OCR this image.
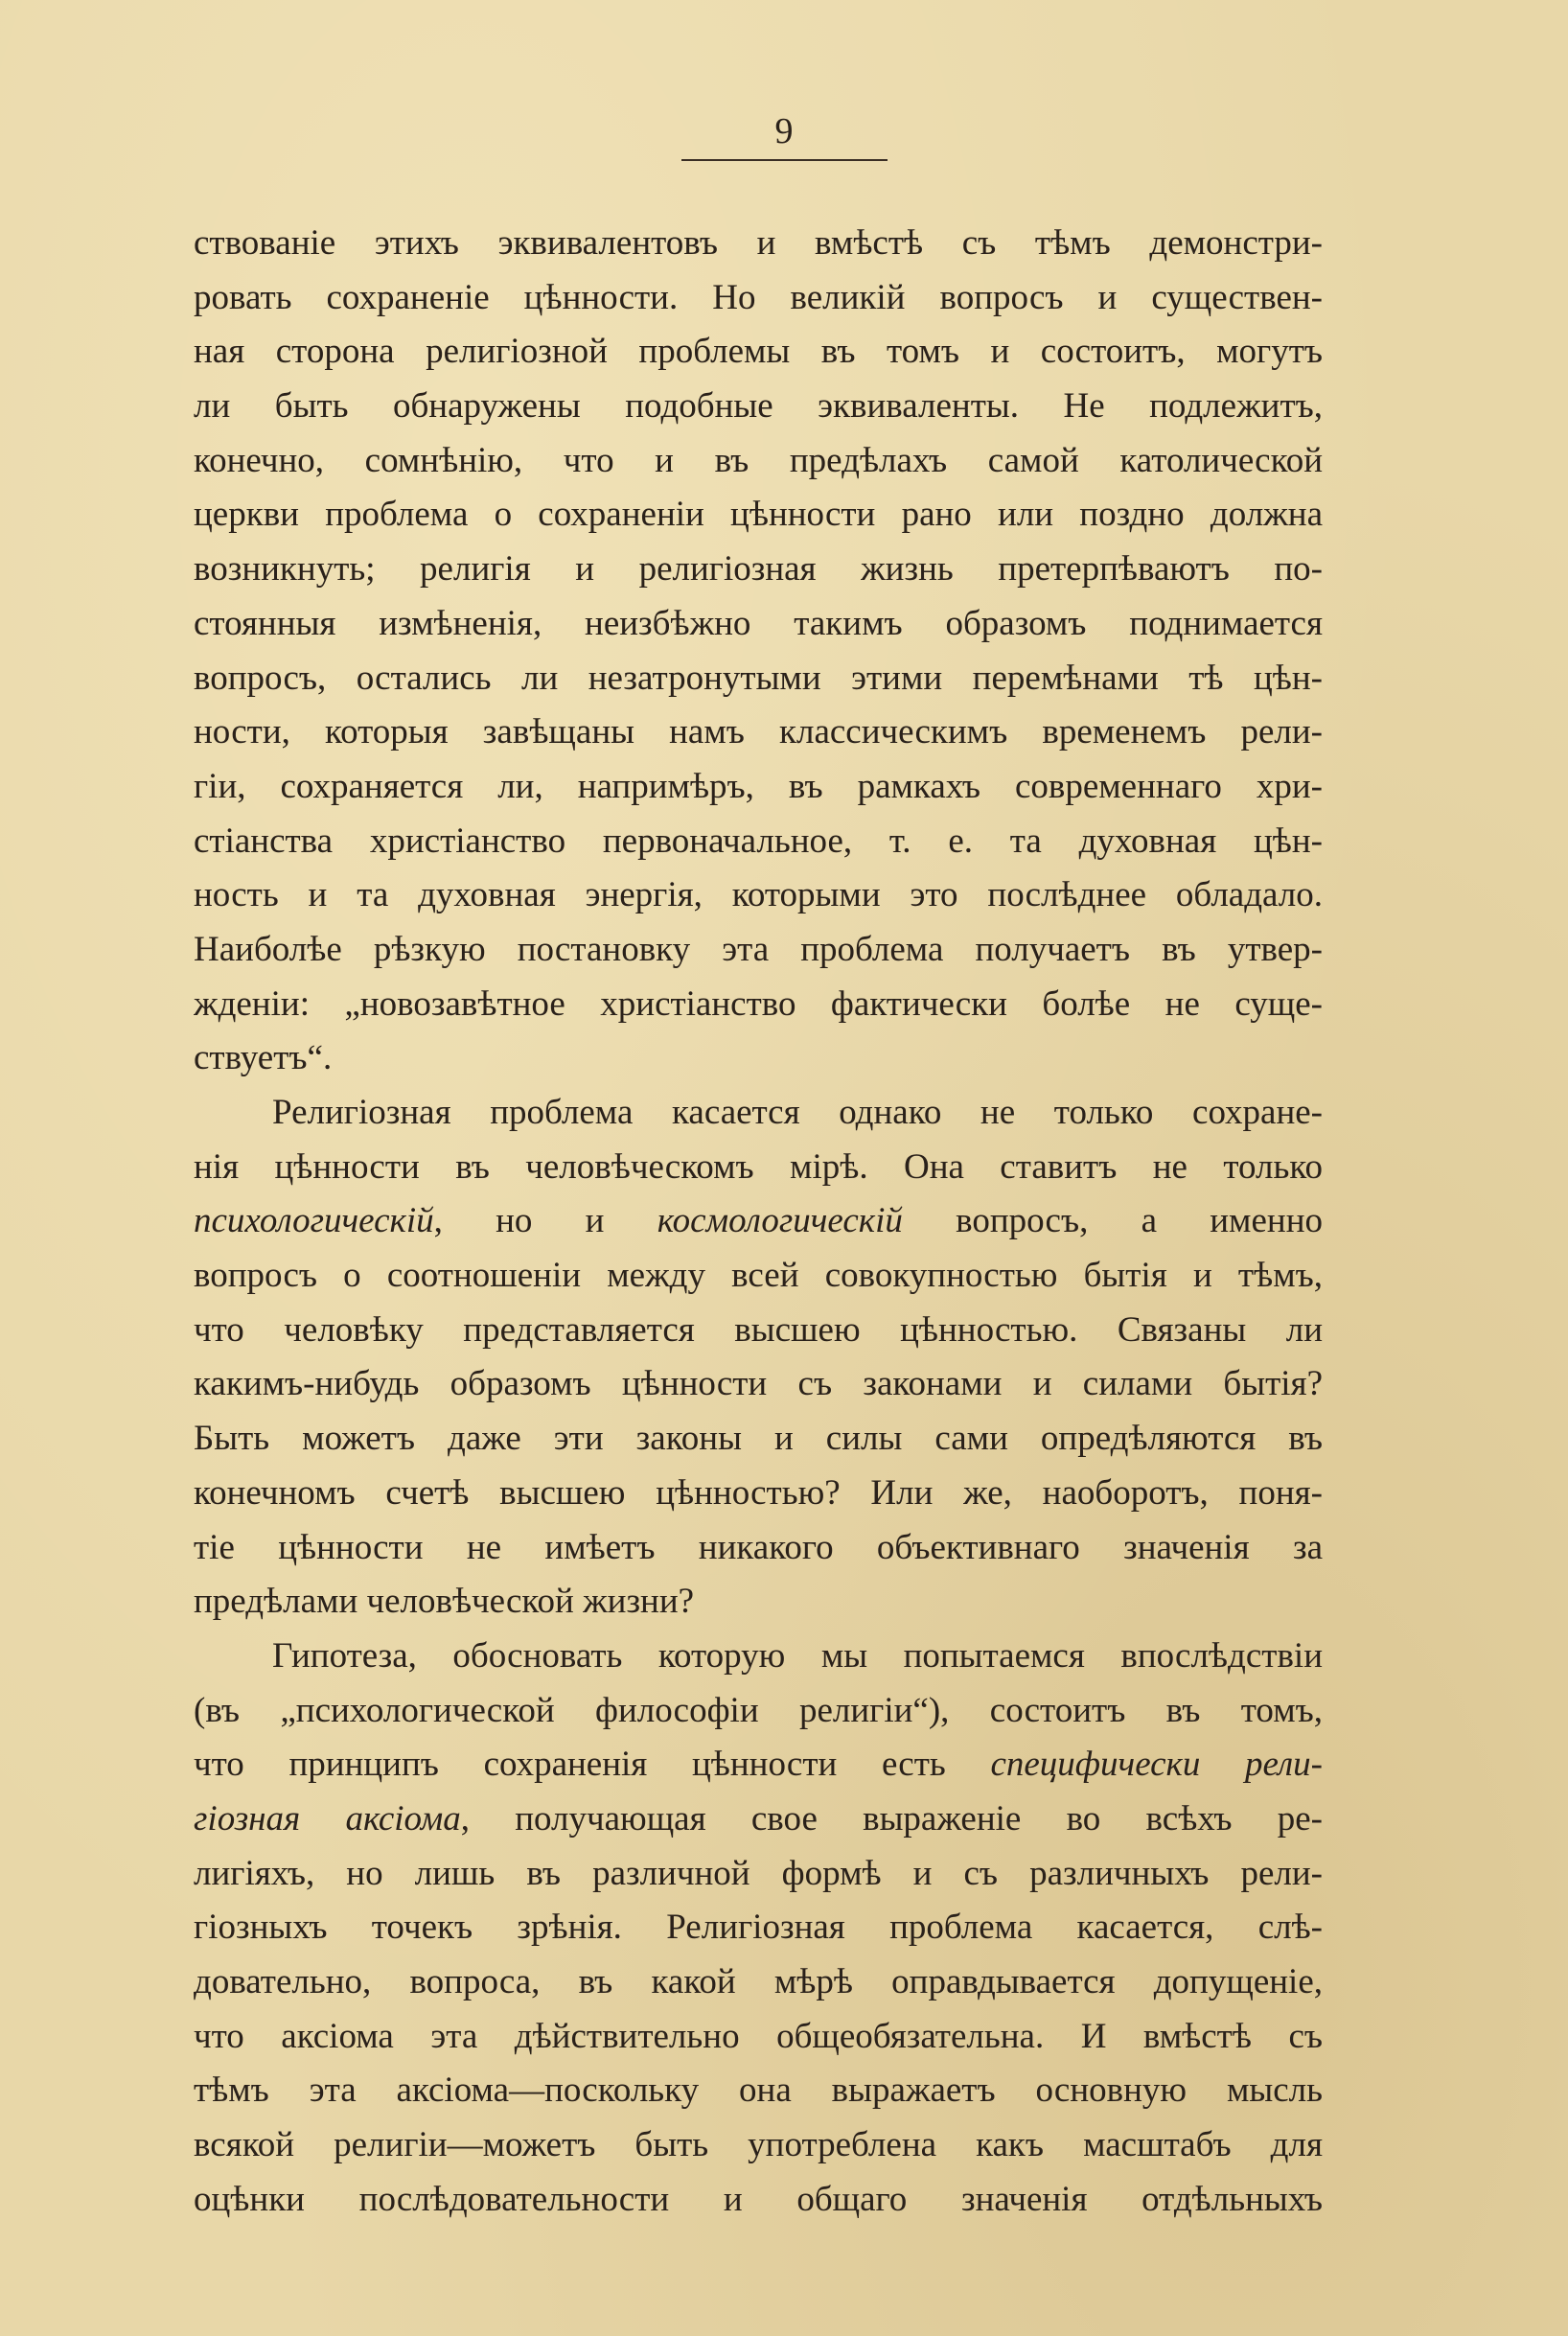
9
ствованіе этихъ эквивалентовъ и вмѣстѣ съ тѣмъ демонстри-
ровать сохраненіе цѣнности. Но великій вопросъ и существен-
ная сторона религіозной проблемы въ томъ и состоитъ, могутъ
ли быть обнаружены подобные эквиваленты. Не подлежитъ,
конечно, сомнѣнію, что и въ предѣлахъ самой католической
церкви проблема о сохраненіи цѣнности рано или поздно должна
возникнуть; религія и религіозная жизнь претерпѣваютъ по-
стоянныя измѣненія, неизбѣжно такимъ образомъ поднимается
вопросъ, остались ли незатронутыми этими перемѣнами тѣ цѣн-
ности, которыя завѣщаны намъ классическимъ временемъ рели-
гіи, сохраняется ли, напримѣръ, въ рамкахъ современнаго хри-
стіанства христіанство первоначальное, т. е. та духовная цѣн-
ность и та духовная энергія, которыми это послѣднее обладало.
Наиболѣе рѣзкую постановку эта проблема получаетъ въ утвер-
жденіи: „новозавѣтное христіанство фактически болѣе не суще-
ствуетъ“.
Религіозная проблема касается однако не только сохране-
нія цѣнности въ человѣческомъ мірѣ. Она ставитъ не только
психологическій, но и космологическій вопросъ, а именно
вопросъ о соотношеніи между всей совокупностью бытія и тѣмъ,
что человѣку представляется высшею цѣнностью. Связаны ли
какимъ-нибудь образомъ цѣнности съ законами и силами бытія?
Быть можетъ даже эти законы и силы сами опредѣляются въ
конечномъ счетѣ высшею цѣнностью? Или же, наоборотъ, поня-
тіе цѣнности не имѣетъ никакого объективнаго значенія за
предѣлами человѣческой жизни?
Гипотеза, обосновать которую мы попытаемся впослѣдствіи
(въ „психологической философіи религіи“), состоитъ въ томъ,
что принципъ сохраненія цѣнности есть специфически рели-
гіозная аксіома, получающая свое выраженіе во всѣхъ ре-
лигіяхъ, но лишь въ различной формѣ и съ различныхъ рели-
гіозныхъ точекъ зрѣнія. Религіозная проблема касается, слѣ-
довательно, вопроса, въ какой мѣрѣ оправдывается допущеніе,
что аксіома эта дѣйствительно общеобязательна. И вмѣстѣ съ
тѣмъ эта аксіома—поскольку она выражаетъ основную мысль
всякой религіи—можетъ быть употреблена какъ масштабъ для
оцѣнки послѣдовательности и общаго значенія отдѣльныхъ
